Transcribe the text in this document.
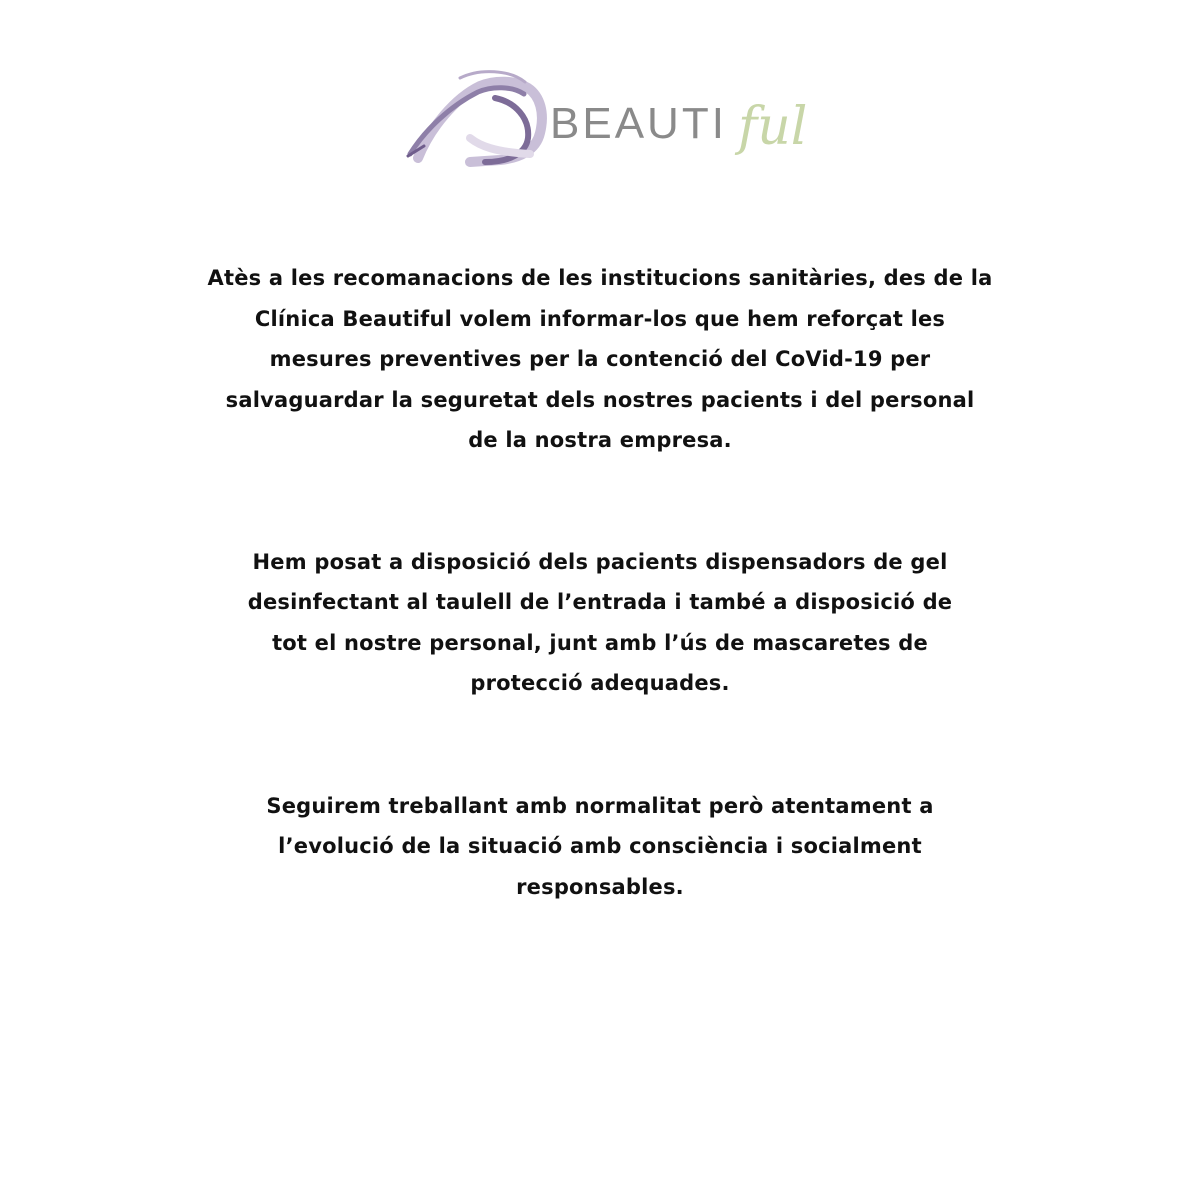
BEAUTI ful

Atès a les recomanacions de les institucions sanitàries, des de la
Clínica Beautiful volem informar-los que hem reforçat les
mesures preventives per la contenció del CoVid-19 per
salvaguardar la seguretat dels nostres pacients i del personal
de la nostra empresa.

Hem posat a disposició dels pacients dispensadors de gel
desinfectant al taulell de l’entrada i també a disposició de
tot el nostre personal, junt amb l’ús de mascaretes de
protecció adequades.

Seguirem treballant amb normalitat però atentament a
l’evolució de la situació amb consciència i socialment
responsables.
